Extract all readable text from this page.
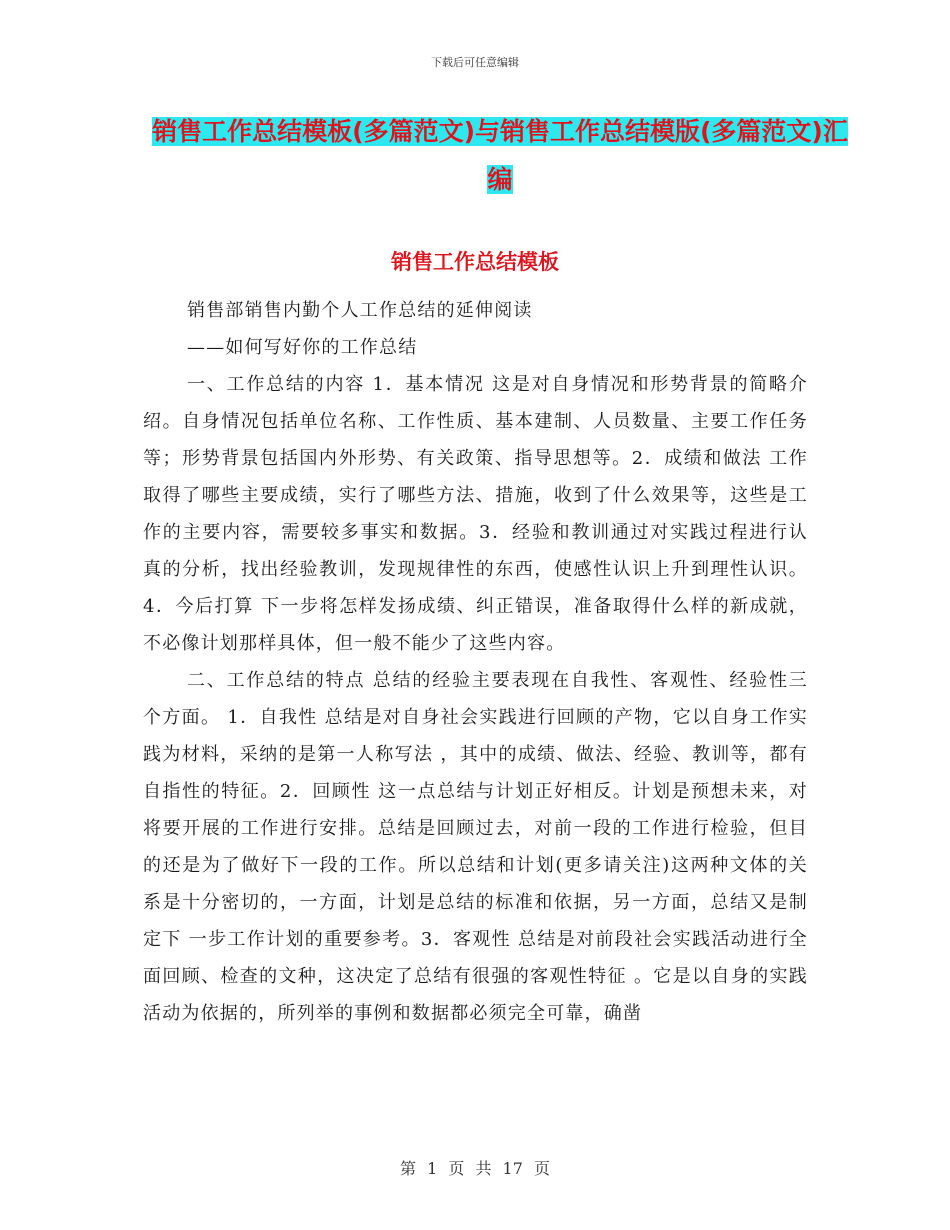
下载后可任意编辑
销售工作总结模板(多篇范文)与销售工作总结模版(多篇范文)汇编
销售工作总结模板

销售部销售内勤个人工作总结的延伸阅读

——如何写好你的工作总结

一、工作总结的内容 1．基本情况 这是对自身情况和形势背景的简略介绍。自身情况包括单位名称、工作性质、基本建制、人员数量、主要工作任务等；形势背景包括国内外形势、有关政策、指导思想等。2．成绩和做法 工作取得了哪些主要成绩，实行了哪些方法、措施，收到了什么效果等，这些是工作的主要内容，需要较多事实和数据。3．经验和教训通过对实践过程进行认真的分析，找出经验教训，发现规律性的东西，使感性认识上升到理性认识。4．今后打算 下一步将怎样发扬成绩、纠正错误，准备取得什么样的新成就，不必像计划那样具体，但一般不能少了这些内容。

二、工作总结的特点 总结的经验主要表现在自我性、客观性、经验性三个方面。 1．自我性 总结是对自身社会实践进行回顾的产物，它以自身工作实践为材料，采纳的是第一人称写法 ，其中的成绩、做法、经验、教训等，都有自指性的特征。2．回顾性 这一点总结与计划正好相反。计划是预想未来，对将要开展的工作进行安排。总结是回顾过去，对前一段的工作进行检验，但目的还是为了做好下一段的工作。所以总结和计划(更多请关注)这两种文体的关系是十分密切的，一方面，计划是总结的标准和依据，另一方面，总结又是制定下 一步工作计划的重要参考。3．客观性 总结是对前段社会实践活动进行全面回顾、检查的文种，这决定了总结有很强的客观性特征 。它是以自身的实践活动为依据的，所列举的事例和数据都必须完全可靠，确凿

第 1 页 共 17 页
